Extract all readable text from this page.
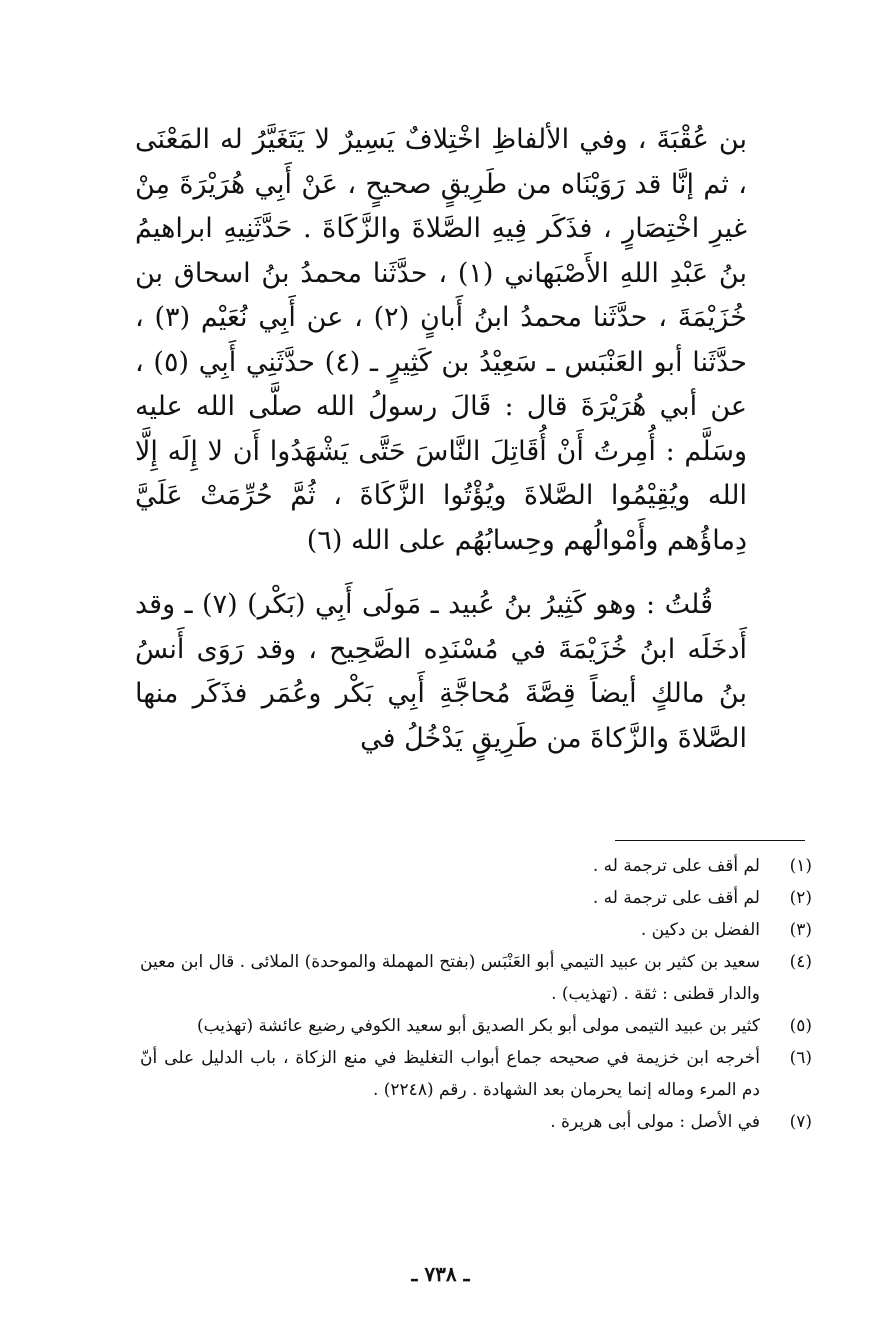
بن عُقْبَةَ ، وفي الألفاظِ اخْتِلافٌ يَسِيرٌ لا يَتَغَيَّرُ له المَعْنَى ، ثم إنَّا قد رَوَيْنَاه من طَرِيقٍ صحيحٍ ، عَنْ أَبِي هُرَيْرَةَ مِنْ غيرِ اخْتِصَارٍ ، فذَكَر فِيهِ الصَّلاةَ والزَّكَاةَ . حَدَّثَنِيهِ ابراهيمُ بنُ عَبْدِ اللهِ الأَصْبَهاني (١) ، حدَّثَنا محمدُ بنُ اسحاق بن خُزَيْمَةَ ، حدَّثَنا محمدُ ابنُ أَبانٍ (٢) ، عن أَبِي نُعَيْم (٣) ، حدَّثَنا أبو العَنْبَس ـ سَعِيْدُ بن كَثِيرٍ ـ (٤) حدَّثَنِي أَبِي (٥) ، عن أبي هُرَيْرَةَ قال : قَالَ رسولُ الله صلَّى الله عليه وسَلَّم : أُمِرتُ أَنْ أُقَاتِلَ النَّاسَ حَتَّى يَشْهَدُوا أَن لا إِلَه إِلَّا الله ويُقِيْمُوا الصَّلاةَ ويُؤْتُوا الزَّكَاةَ ، ثُمَّ حُرِّمَتْ عَلَيَّ دِماؤُهم وأَمْوالُهم وحِسابُهُم على الله (٦)

قُلتُ : وهو كَثِيرُ بنُ عُبيد ـ مَولَى أَبِي (بَكْر) (٧) ـ وقد أَدخَلَه ابنُ خُزَيْمَةَ في مُسْنَدِه الصَّحِيح ، وقد رَوَى أَنسُ بنُ مالكٍ أيضاً قِصَّةَ مُحاجَّةِ أَبِي بَكْر وعُمَر فذَكَر منها الصَّلاةَ والزَّكاةَ من طَرِيقٍ يَدْخُلُ في

(١)
لم أقف على ترجمة له .
(٢)
لم أقف على ترجمة له .
(٣)
الفضل بن دكين .
(٤)
سعيد بن كثير بن عبيد التيمي أبو العَنْبَس (بفتح المهملة والموحدة) الملائى . قال ابن معين والدار قطنى : ثقة . (تهذيب) .
(٥)
كثير بن عبيد التيمى مولى أبو بكر الصديق أبو سعيد الكوفي رضيع عائشة (تهذيب)
(٦)
أخرجه ابن خزيمة في صحيحه جماع أبواب التغليظ في منع الزكاة ، باب الدليل على أنّ دم المرء وماله إنما يحرمان بعد الشهادة . رقم (٢٢٤٨) .
(٧)
في الأصل : مولى أبى هريرة .
ـ ٧٣٨ ـ
